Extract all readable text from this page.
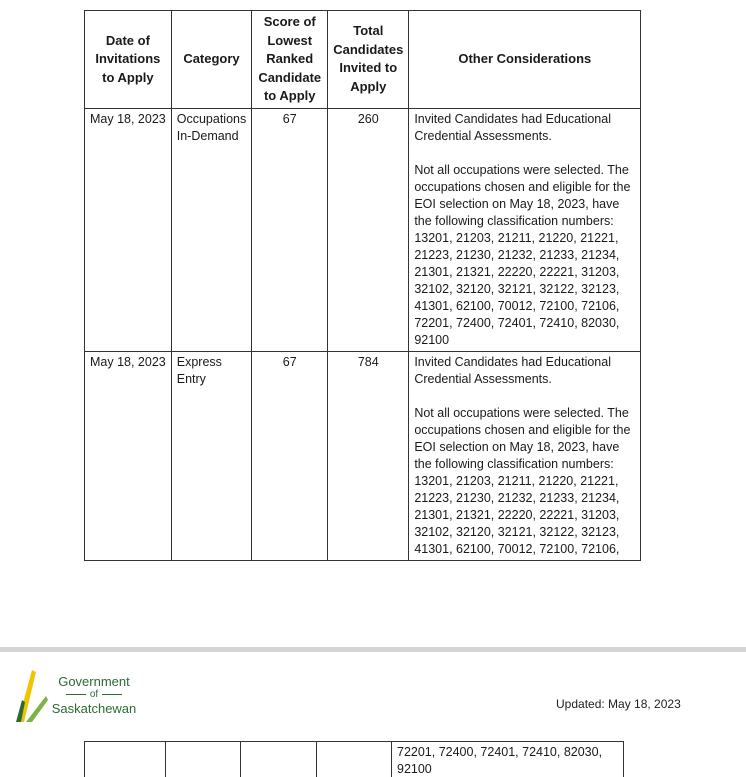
Date of Invitations to Apply	Category	Score of Lowest Ranked Candidate to Apply	Total Candidates Invited to Apply	Other Considerations
May 18, 2023	Occupations In-Demand	67	260	Invited Candidates had Educational Credential Assessments.
Not all occupations were selected. The occupations chosen and eligible for the EOI selection on May 18, 2023, have the following classification numbers: 13201, 21203, 21211, 21220, 21221, 21223, 21230, 21232, 21233, 21234, 21301, 21321, 22220, 22221, 31203, 32102, 32120, 32121, 32122, 32123, 41301, 62100, 70012, 72100, 72106, 72201, 72400, 72401, 72410, 82030, 92100

May 18, 2023	Express Entry	67	784	Invited Candidates had Educational Credential Assessments.
Not all occupations were selected. The occupations chosen and eligible for the EOI selection on May 18, 2023, have the following classification numbers: 13201, 21203, 21211, 21220, 21221, 21223, 21230, 21232, 21233, 21234, 21301, 21321, 22220, 22221, 31203, 32102, 32120, 32121, 32122, 32123, 41301, 62100, 70012, 72100, 72106,
Government
of
Saskatchewan	Updated: May 18, 2023
				72201, 72400, 72401, 72410, 82030, 92100
